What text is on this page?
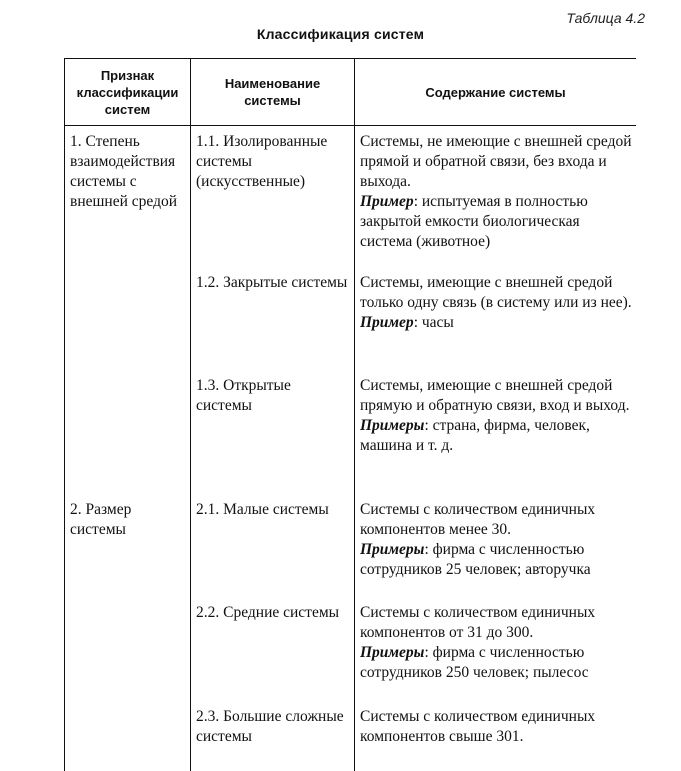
Таблица 4.2
Классификация систем
Признак классификации систем	Наименование системы	Содержание системы

1. Степень взаимодействия системы с внешней средой	1.1. Изолированные системы (искусственные)	Системы, не имеющие с внешней средой прямой и обратной связи, без входа и выхода.
Пример: испытуемая в полностью закрытой емкости биологическая система (животное)

	1.2. Закрытые системы	Системы, имеющие с внешней средой только одну связь (в систему или из нее).
Пример: часы

	1.3. Открытые системы	Системы, имеющие с внешней средой прямую и обратную связи, вход и выход.
Примеры: страна, фирма, человек, машина и т. д.

2. Размер системы	2.1. Малые системы	Системы с количеством единичных компонентов менее 30.
Примеры: фирма с численностью сотрудников 25 человек; авторучка

	2.2. Средние системы	Системы с количеством единичных компонентов от 31 до 300.
Примеры: фирма с численностью сотрудников 250 человек; пылесос

	2.3. Большие сложные системы	Системы с количеством единичных компонентов свыше 301.
